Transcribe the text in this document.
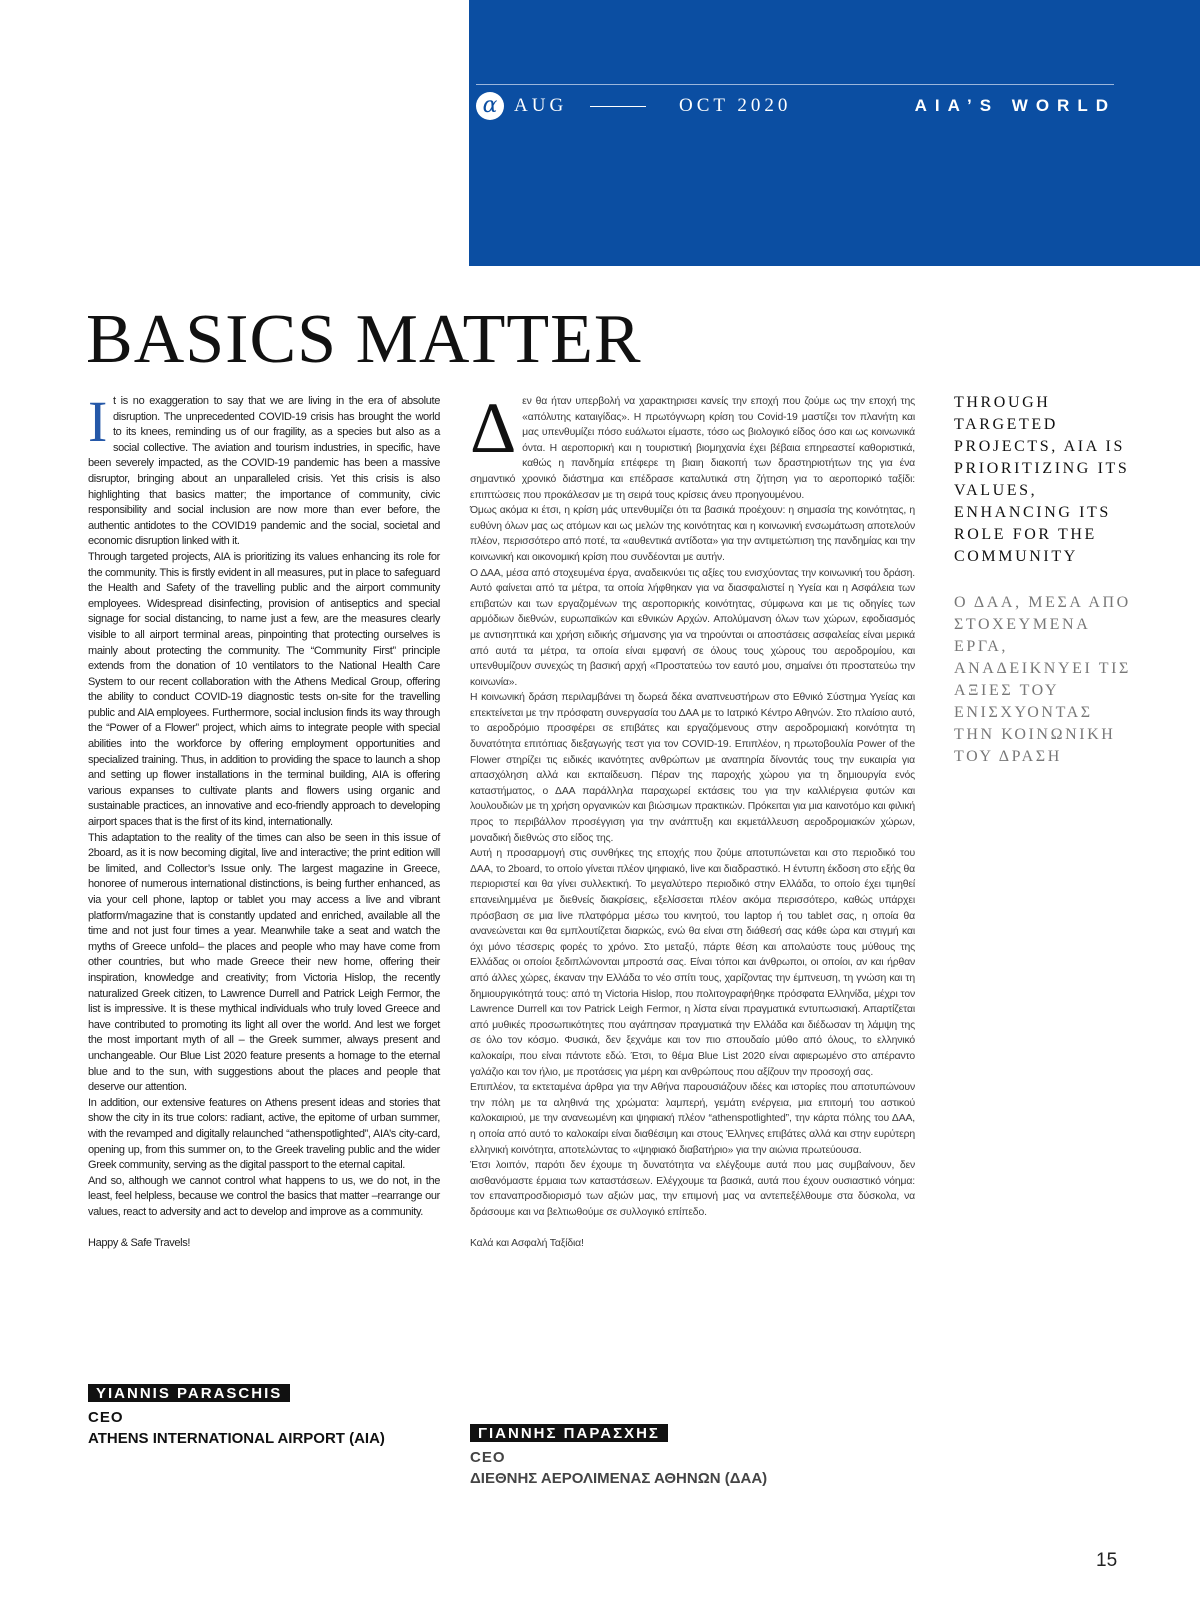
α AUG	OCT 2020	AIA’S WORLD
BASICS MATTER

It is no exaggeration to say that we are living in the era of absolute disruption. The unprecedented COVID-19 crisis has brought the world to its knees, reminding us of our fragility, as a species but also as a social collective. The aviation and tourism industries, in specific, have been severely impacted, as the COVID-19 pandemic has been a massive disruptor, bringing about an unparalleled crisis. Yet this crisis is also highlighting that basics matter; the importance of community, civic responsibility and social inclusion are now more than ever before, the authentic antidotes to the COVID19 pandemic and the social, societal and economic disruption linked with it.

Through targeted projects, AIA is prioritizing its values enhancing its role for the community. This is firstly evident in all measures, put in place to safeguard the Health and Safety of the travelling public and the airport community employees. Widespread disinfecting, provision of antiseptics and special signage for social distancing, to name just a few, are the measures clearly visible to all airport terminal areas, pinpointing that protecting ourselves is mainly about protecting the community. The “Community First” principle extends from the donation of 10 ventilators to the National Health Care System to our recent collaboration with the Athens Medical Group, offering the ability to conduct COVID-19 diagnostic tests on-site for the travelling public and AIA employees. Furthermore, social inclusion finds its way through the “Power of a Flower” project, which aims to integrate people with special abilities into the workforce by offering employment opportunities and specialized training. Thus, in addition to providing the space to launch a shop and setting up flower installations in the terminal building, AIA is offering various expanses to cultivate plants and flowers using organic and sustainable practices, an innovative and eco-friendly approach to developing airport spaces that is the first of its kind, internationally.

This adaptation to the reality of the times can also be seen in this issue of 2board, as it is now becoming digital, live and interactive; the print edition will be limited, and Collector’s Issue only. The largest magazine in Greece, honoree of numerous international distinctions, is being further enhanced, as via your cell phone, laptop or tablet you may access a live and vibrant platform/magazine that is constantly updated and enriched, available all the time and not just four times a year. Meanwhile take a seat and watch the myths of Greece unfold– the places and people who may have come from other countries, but who made Greece their new home, offering their inspiration, knowledge and creativity; from Victoria Hislop, the recently naturalized Greek citizen, to Lawrence Durrell and Patrick Leigh Fermor, the list is impressive. It is these mythical individuals who truly loved Greece and have contributed to promoting its light all over the world. And lest we forget the most important myth of all – the Greek summer, always present and unchangeable. Our Blue List 2020 feature presents a homage to the eternal blue and to the sun, with suggestions about the places and people that deserve our attention.

In addition, our extensive features on Athens present ideas and stories that show the city in its true colors: radiant, active, the epitome of urban summer, with the revamped and digitally relaunched “athenspotlighted”, AIA’s city-card, opening up, from this summer on, to the Greek traveling public and the wider Greek community, serving as the digital passport to the eternal capital.

And so, although we cannot control what happens to us, we do not, in the least, feel helpless, because we control the basics that matter –rearrange our values, react to adversity and act to develop and improve as a community.

Happy & Safe Travels!

YIANNIS PARASCHIS
CEO
ATHENS INTERNATIONAL AIRPORT (AIA)

Δεν θα ήταν υπερβολή να χαρακτηρισει κανείς την εποχή που ζούμε ως την εποχή της «απόλυτης καταιγίδας». Η πρωτόγνωρη κρίση του Covid-19 μαστίζει τον πλανήτη και μας υπενθυμίζει πόσο ευάλωτοι είμαστε, τόσο ως βιολογικό είδος όσο και ως κοινωνικά όντα. Η αεροπορική και η τουριστική βιομηχανία έχει βέβαια επηρεαστεί καθοριστικά, καθώς η πανδημία επέφερε τη βιαιη διακοπή των δραστηριοτήτων της για ένα σημαντικό χρονικό διάστημα και επέδρασε καταλυτικά στη ζήτηση για το αεροπορικό ταξίδι: επιπτώσεις που προκάλεσαν με τη σειρά τους κρίσεις άνευ προηγουμένου.

Όμως ακόμα κι έτσι, η κρίση μάς υπενθυμίζει ότι τα βασικά προέχουν: η σημασία της κοινότητας, η ευθύνη όλων μας ως ατόμων και ως μελών της κοινότητας και η κοινωνική ενσωμάτωση αποτελούν πλέον, περισσότερο από ποτέ, τα «αυθεντικά αντίδοτα» για την αντιμετώπιση της πανδημίας και την κοινωνική και οικονομική κρίση που συνδέονται με αυτήν.

Ο ΔΑΑ, μέσα από στοχευμένα έργα, αναδεικνύει τις αξίες του ενισχύοντας την κοινωνική του δράση. Αυτό φαίνεται από τα μέτρα, τα οποία λήφθηκαν για να διασφαλιστεί η Υγεία και η Ασφάλεια των επιβατών και των εργαζομένων της αεροπορικής κοινότητας, σύμφωνα και με τις οδηγίες των αρμόδιων διεθνών, ευρωπαϊκών και εθνικών Αρχών. Απολύμανση όλων των χώρων, εφοδιασμός με αντισηπτικά και χρήση ειδικής σήμανσης για να τηρούνται οι αποστάσεις ασφαλείας είναι μερικά από αυτά τα μέτρα, τα οποία είναι εμφανή σε όλους τους χώρους του αεροδρομίου, και υπενθυμίζουν συνεχώς τη βασική αρχή «Προστατεύω τον εαυτό μου, σημαίνει ότι προστατεύω την κοινωνία».

Η κοινωνική δράση περιλαμβάνει τη δωρεά δέκα αναπνευστήρων στο Εθνικό Σύστημα Υγείας και επεκτείνεται με την πρόσφατη συνεργασία του ΔΑΑ με το Ιατρικό Κέντρο Αθηνών. Στο πλαίσιο αυτό, το αεροδρόμιο προσφέρει σε επιβάτες και εργαζόμενους στην αεροδρομιακή κοινότητα τη δυνατότητα επιτόπιας διεξαγωγής τεστ για τον COVID-19. Επιπλέον, η πρωτοβουλία Power of the Flower στηρίζει τις ειδικές ικανότητες ανθρώπων με αναπηρία δίνοντάς τους την ευκαιρία για απασχόληση αλλά και εκπαίδευση. Πέραν της παροχής χώρου για τη δημιουργία ενός καταστήματος, ο ΔΑΑ παράλληλα παραχωρεί εκτάσεις του για την καλλιέργεια φυτών και λουλουδιών με τη χρήση οργανικών και βιώσιμων πρακτικών. Πρόκειται για μια καινοτόμο και φιλική προς το περιβάλλον προσέγγιση για την ανάπτυξη και εκμετάλλευση αεροδρομιακών χώρων, μοναδική διεθνώς στο είδος της.

Αυτή η προσαρμογή στις συνθήκες της εποχής που ζούμε αποτυπώνεται και στο περιοδικό του ΔΑΑ, το 2board, το οποίο γίνεται πλέον ψηφιακό, live και διαδραστικό. Η έντυπη έκδοση στο εξής θα περιοριστεί και θα γίνει συλλεκτική. Το μεγαλύτερο περιοδικό στην Ελλάδα, το οποίο έχει τιμηθεί επανειλημμένα με διεθνείς διακρίσεις, εξελίσσεται πλέον ακόμα περισσότερο, καθώς υπάρχει πρόσβαση σε μια live πλατφόρμα μέσω του κινητού, του laptop ή του tablet σας, η οποία θα ανανεώνεται και θα εμπλουτίζεται διαρκώς, ενώ θα είναι στη διάθεσή σας κάθε ώρα και στιγμή και όχι μόνο τέσσερις φορές το χρόνο. Στο μεταξύ, πάρτε θέση και απολαύστε τους μύθους της Ελλάδας οι οποίοι ξεδιπλώνονται μπροστά σας. Είναι τόποι και άνθρωποι, οι οποίοι, αν και ήρθαν από άλλες χώρες, έκαναν την Ελλάδα το νέο σπίτι τους, χαρίζοντας την έμπνευση, τη γνώση και τη δημιουργικότητά τους: από τη Victoria Hislop, που πολιτογραφήθηκε πρόσφατα Ελληνίδα, μέχρι τον Lawrence Durrell και τον Patrick Leigh Fermor, η λίστα είναι πραγματικά εντυπωσιακή. Απαρτίζεται από μυθικές προσωπικότητες που αγάπησαν πραγματικά την Ελλάδα και διέδωσαν τη λάμψη της σε όλο τον κόσμο. Φυσικά, δεν ξεχνάμε και τον πιο σπουδαίο μύθο από όλους, το ελληνικό καλοκαίρι, που είναι πάντοτε εδώ. Έτσι, το θέμα Blue List 2020 είναι αφιερωμένο στο απέραντο γαλάζιο και τον ήλιο, με προτάσεις για μέρη και ανθρώπους που αξίζουν την προσοχή σας.

Επιπλέον, τα εκτεταμένα άρθρα για την Αθήνα παρουσιάζουν ιδέες και ιστορίες που αποτυπώνουν την πόλη με τα αληθινά της χρώματα: λαμπερή, γεμάτη ενέργεια, μια επιτομή του αστικού καλοκαιριού, με την ανανεωμένη και ψηφιακή πλέον “athenspotlighted”, την κάρτα πόλης του ΔΑΑ, η οποία από αυτό το καλοκαίρι είναι διαθέσιμη και στους Έλληνες επιβάτες αλλά και στην ευρύτερη ελληνική κοινότητα, αποτελώντας το «ψηφιακό διαβατήριο» για την αιώνια πρωτεύουσα.

Έτσι λοιπόν, παρότι δεν έχουμε τη δυνατότητα να ελέγξουμε αυτά που μας συμβαίνουν, δεν αισθανόμαστε έρμαια των καταστάσεων. Ελέγχουμε τα βασικά, αυτά που έχουν ουσιαστικό νόημα: τον επαναπροσδιορισμό των αξιών μας, την επιμονή μας να αντεπεξέλθουμε στα δύσκολα, να δράσουμε και να βελτιωθούμε σε συλλογικό επίπεδο.

Καλά και Ασφαλή Ταξίδια!

ΓΙΑΝΝΗΣ ΠΑΡΑΣΧΗΣ
CEO
ΔΙΕΘΝΗΣ ΑΕΡΟΛΙΜΕΝΑΣ ΑΘΗΝΩΝ (ΔΑΑ)

THROUGH TARGETED PROJECTS, AIA IS PRIORITIZING ITS VALUES, ENHANCING ITS ROLE FOR THE COMMUNITY

Ο ΔΑΑ, ΜΕΣΑ ΑΠΟ ΣΤΟΧΕΥΜΕΝΑ ΕΡΓΑ, ΑΝΑΔΕΙΚΝΥΕΙ ΤΙΣ ΑΞΙΕΣ ΤΟΥ ΕΝΙΣΧΥΟΝΤΑΣ ΤΗΝ ΚΟΙΝΩΝΙΚΗ ΤΟΥ ΔΡΑΣΗ

15
